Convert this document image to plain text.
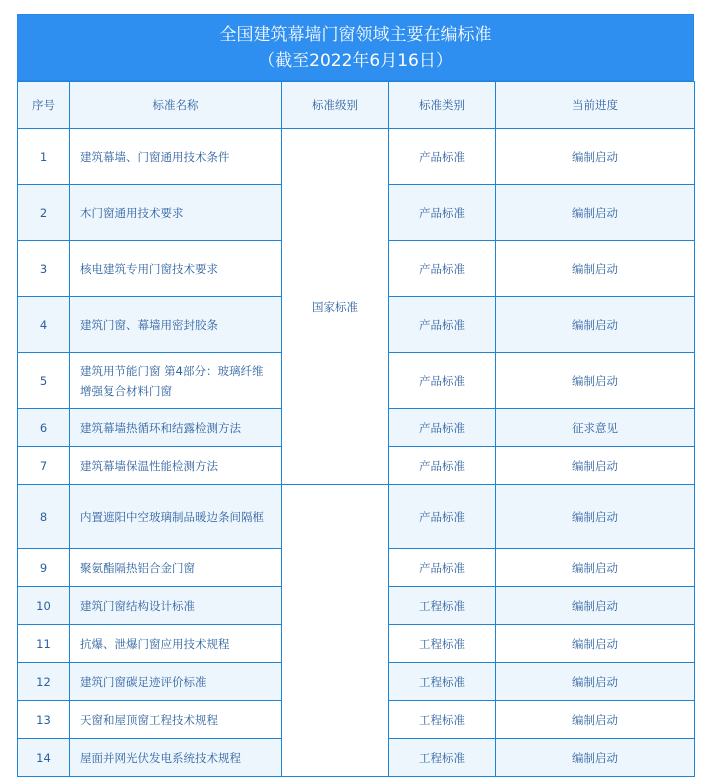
全国建筑幕墙门窗领域主要在编标准
（截至2022年6月16日）
序号	标准名称	标准级别	标准类别	当前进度
1	建筑幕墙、门窗通用技术条件	国家标准	产品标准	编制启动
2	木门窗通用技术要求		产品标准	编制启动
3	核电建筑专用门窗技术要求		产品标准	编制启动
4	建筑门窗、幕墙用密封胶条		产品标准	编制启动
5	建筑用节能门窗 第4部分：玻璃纤维增强复合材料门窗		产品标准	编制启动
6	建筑幕墙热循环和结露检测方法		产品标准	征求意见
7	建筑幕墙保温性能检测方法		产品标准	编制启动
8	内置遮阳中空玻璃制品暖边条间隔框		产品标准	编制启动
9	聚氨酯隔热铝合金门窗		产品标准	编制启动
10	建筑门窗结构设计标准		工程标准	编制启动
11	抗爆、泄爆门窗应用技术规程		工程标准	编制启动
12	建筑门窗碳足迹评价标准		工程标准	编制启动
13	天窗和屋顶窗工程技术规程		工程标准	编制启动
14	屋面并网光伏发电系统技术规程		工程标准	编制启动
